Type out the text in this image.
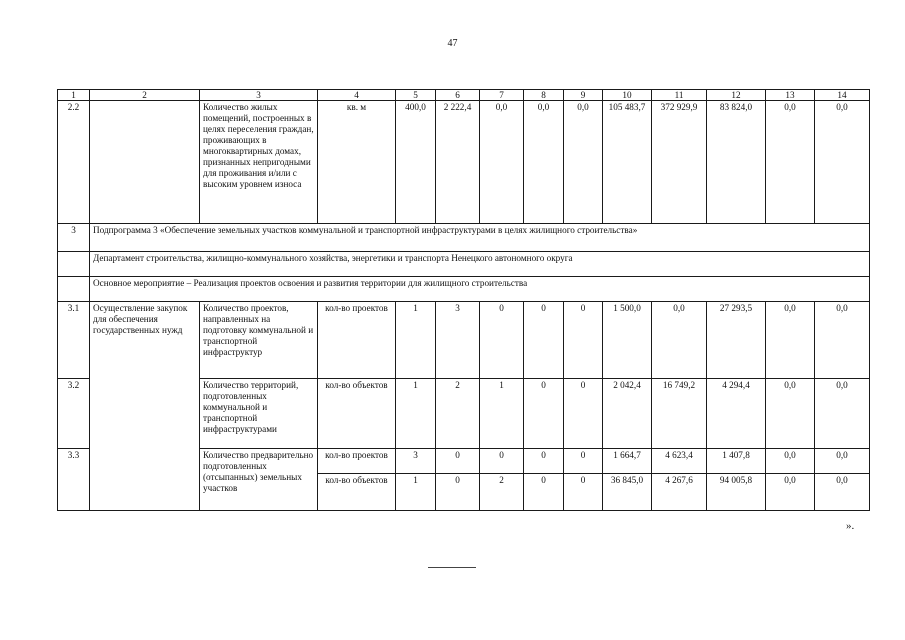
47
1	2	3	4	5	6	7	8	9	10	11	12	13	14
2.2		Количество жилых помещений, построенных в целях переселения граждан, проживающих в многоквартирных домах, признанных непригодными для проживания и/или с высоким уровнем износа	кв. м	400,0	2 222,4	0,0	0,0	0,0	105 483,7	372 929,9	83 824,0	0,0	0,0
3	Подпрограмма 3 «Обеспечение земельных участков коммунальной и транспортной инфраструктурами в целях жилищного строительства»												
	Департамент строительства, жилищно-коммунального хозяйства, энергетики и транспорта Ненецкого автономного округа												
	Основное мероприятие – Реализация проектов освоения и развития территории для жилищного строительства												
3.1	Осуществление закупок для обеспечения государственных нужд	Количество проектов, направленных на подготовку коммунальной и транспортной инфраструктур	кол-во проектов	1	3	0	0	0	1 500,0	0,0	27 293,5	0,0	0,0
3.2		Количество территорий, подготовленных коммунальной и транспортной инфраструктурами	кол-во объектов	1	2	1	0	0	2 042,4	16 749,2	4 294,4	0,0	0,0
3.3		Количество предварительно подготовленных (отсыпанных) земельных участков	кол-во проектов	3	0	0	0	0	1 664,7	4 623,4	1 407,8	0,0	0,0
			кол-во объектов	1	0	2	0	0	36 845,0	4 267,6	94 005,8	0,0	0,0
».
